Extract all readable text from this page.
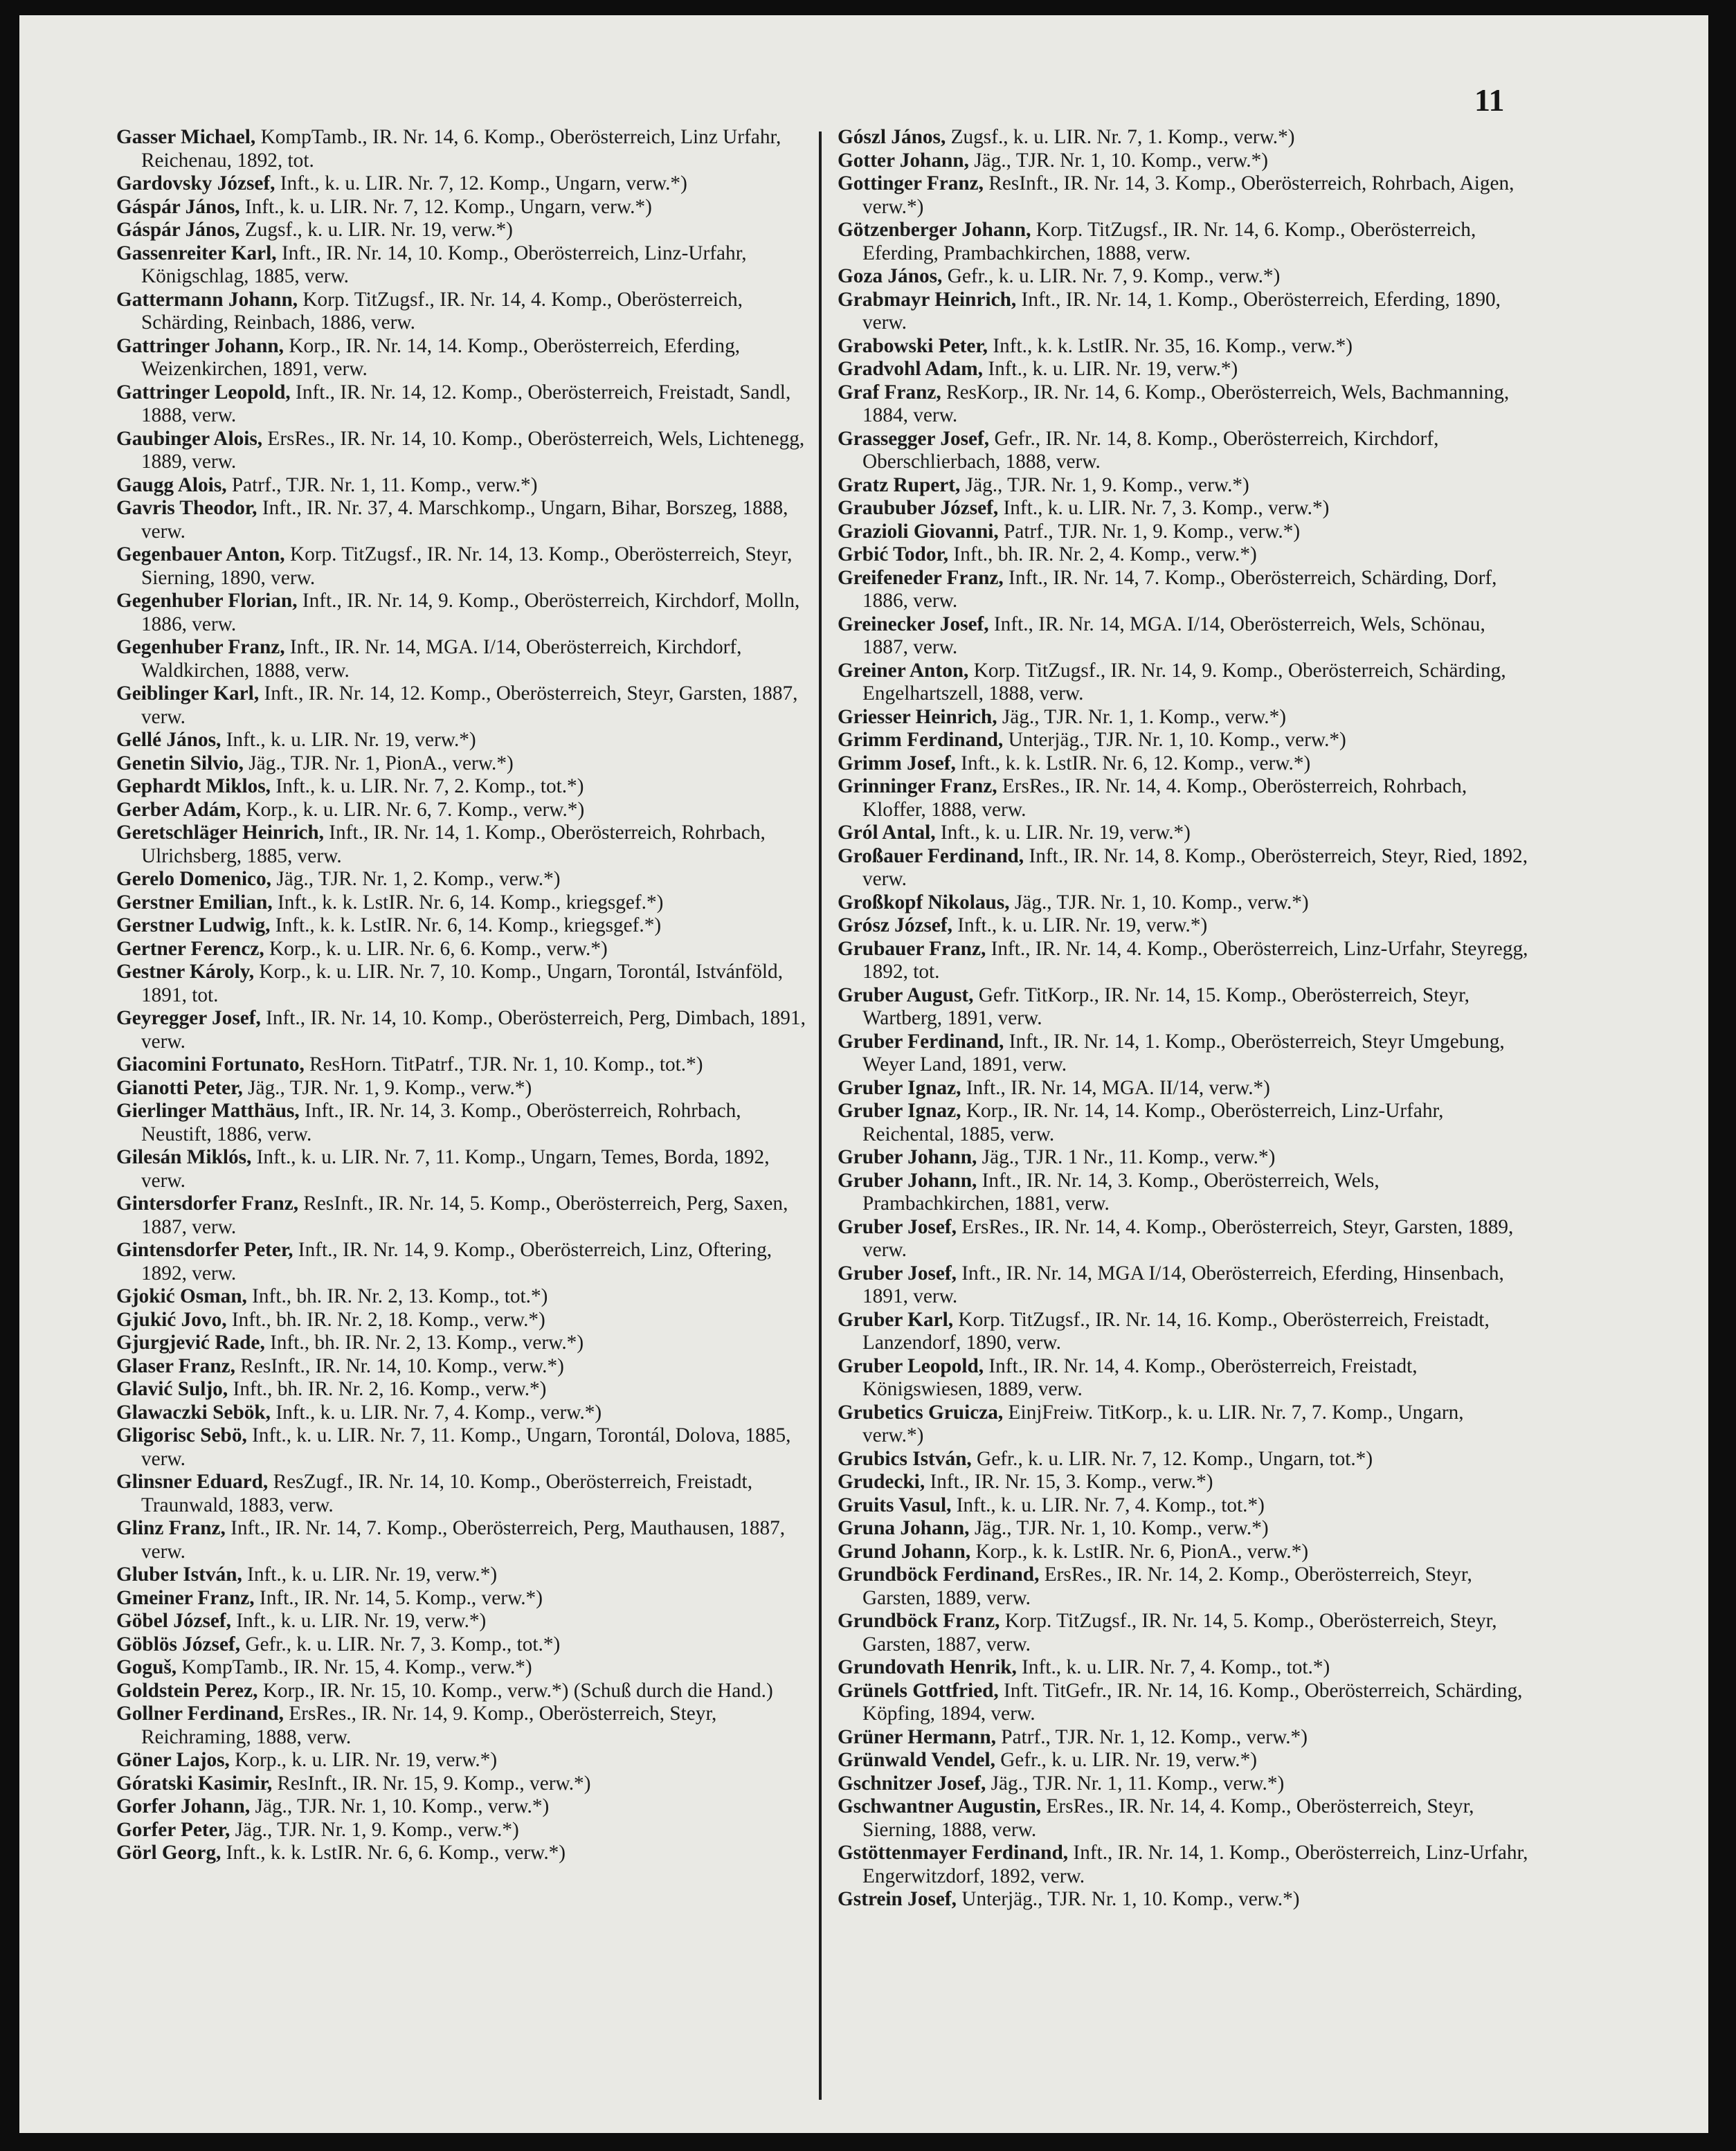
11

Gasser Michael, KompTamb., IR. Nr. 14, 6. Komp., Oberösterreich, Linz Urfahr, Reichenau, 1892, tot.

Gardovsky József, Inft., k. u. LIR. Nr. 7, 12. Komp., Ungarn, verw.*)

Gáspár János, Inft., k. u. LIR. Nr. 7, 12. Komp., Ungarn, verw.*)

Gáspár János, Zugsf., k. u. LIR. Nr. 19, verw.*)

Gassenreiter Karl, Inft., IR. Nr. 14, 10. Komp., Oberösterreich, Linz-Urfahr, Königschlag, 1885, verw.

Gattermann Johann, Korp. TitZugsf., IR. Nr. 14, 4. Komp., Oberösterreich, Schärding, Reinbach, 1886, verw.

Gattringer Johann, Korp., IR. Nr. 14, 14. Komp., Oberösterreich, Eferding, Weizenkirchen, 1891, verw.

Gattringer Leopold, Inft., IR. Nr. 14, 12. Komp., Oberösterreich, Freistadt, Sandl, 1888, verw.

Gaubinger Alois, ErsRes., IR. Nr. 14, 10. Komp., Oberösterreich, Wels, Lichtenegg, 1889, verw.

Gaugg Alois, Patrf., TJR. Nr. 1, 11. Komp., verw.*)

Gavris Theodor, Inft., IR. Nr. 37, 4. Marschkomp., Ungarn, Bihar, Borszeg, 1888, verw.

Gegenbauer Anton, Korp. TitZugsf., IR. Nr. 14, 13. Komp., Oberösterreich, Steyr, Sierning, 1890, verw.

Gegenhuber Florian, Inft., IR. Nr. 14, 9. Komp., Oberösterreich, Kirchdorf, Molln, 1886, verw.

Gegenhuber Franz, Inft., IR. Nr. 14, MGA. I/14, Oberösterreich, Kirchdorf, Waldkirchen, 1888, verw.

Geiblinger Karl, Inft., IR. Nr. 14, 12. Komp., Oberösterreich, Steyr, Garsten, 1887, verw.

Gellé János, Inft., k. u. LIR. Nr. 19, verw.*)

Genetin Silvio, Jäg., TJR. Nr. 1, PionA., verw.*)

Gephardt Miklos, Inft., k. u. LIR. Nr. 7, 2. Komp., tot.*)

Gerber Adám, Korp., k. u. LIR. Nr. 6, 7. Komp., verw.*)

Geretschläger Heinrich, Inft., IR. Nr. 14, 1. Komp., Oberösterreich, Rohrbach, Ulrichsberg, 1885, verw.

Gerelo Domenico, Jäg., TJR. Nr. 1, 2. Komp., verw.*)

Gerstner Emilian, Inft., k. k. LstIR. Nr. 6, 14. Komp., kriegsgef.*)

Gerstner Ludwig, Inft., k. k. LstIR. Nr. 6, 14. Komp., kriegsgef.*)

Gertner Ferencz, Korp., k. u. LIR. Nr. 6, 6. Komp., verw.*)

Gestner Károly, Korp., k. u. LIR. Nr. 7, 10. Komp., Ungarn, Torontál, Istvánföld, 1891, tot.

Geyregger Josef, Inft., IR. Nr. 14, 10. Komp., Oberösterreich, Perg, Dimbach, 1891, verw.

Giacomini Fortunato, ResHorn. TitPatrf., TJR. Nr. 1, 10. Komp., tot.*)

Gianotti Peter, Jäg., TJR. Nr. 1, 9. Komp., verw.*)

Gierlinger Matthäus, Inft., IR. Nr. 14, 3. Komp., Oberösterreich, Rohrbach, Neustift, 1886, verw.

Gilesán Miklós, Inft., k. u. LIR. Nr. 7, 11. Komp., Ungarn, Temes, Borda, 1892, verw.

Gintersdorfer Franz, ResInft., IR. Nr. 14, 5. Komp., Oberösterreich, Perg, Saxen, 1887, verw.

Gintensdorfer Peter, Inft., IR. Nr. 14, 9. Komp., Oberösterreich, Linz, Oftering, 1892, verw.

Gjokić Osman, Inft., bh. IR. Nr. 2, 13. Komp., tot.*)

Gjukić Jovo, Inft., bh. IR. Nr. 2, 18. Komp., verw.*)

Gjurgjević Rade, Inft., bh. IR. Nr. 2, 13. Komp., verw.*)

Glaser Franz, ResInft., IR. Nr. 14, 10. Komp., verw.*)

Glavić Suljo, Inft., bh. IR. Nr. 2, 16. Komp., verw.*)

Glawaczki Sebök, Inft., k. u. LIR. Nr. 7, 4. Komp., verw.*)

Gligorisc Sebö, Inft., k. u. LIR. Nr. 7, 11. Komp., Ungarn, Torontál, Dolova, 1885, verw.

Glinsner Eduard, ResZugf., IR. Nr. 14, 10. Komp., Oberösterreich, Freistadt, Traunwald, 1883, verw.

Glinz Franz, Inft., IR. Nr. 14, 7. Komp., Oberösterreich, Perg, Mauthausen, 1887, verw.

Gluber István, Inft., k. u. LIR. Nr. 19, verw.*)

Gmeiner Franz, Inft., IR. Nr. 14, 5. Komp., verw.*)

Göbel József, Inft., k. u. LIR. Nr. 19, verw.*)

Göblös József, Gefr., k. u. LIR. Nr. 7, 3. Komp., tot.*)

Goguš, KompTamb., IR. Nr. 15, 4. Komp., verw.*)

Goldstein Perez, Korp., IR. Nr. 15, 10. Komp., verw.*) (Schuß durch die Hand.)

Gollner Ferdinand, ErsRes., IR. Nr. 14, 9. Komp., Oberösterreich, Steyr, Reichraming, 1888, verw.

Göner Lajos, Korp., k. u. LIR. Nr. 19, verw.*)

Góratski Kasimir, ResInft., IR. Nr. 15, 9. Komp., verw.*)

Gorfer Johann, Jäg., TJR. Nr. 1, 10. Komp., verw.*)

Gorfer Peter, Jäg., TJR. Nr. 1, 9. Komp., verw.*)

Görl Georg, Inft., k. k. LstIR. Nr. 6, 6. Komp., verw.*)

Gószl János, Zugsf., k. u. LIR. Nr. 7, 1. Komp., verw.*)

Gotter Johann, Jäg., TJR. Nr. 1, 10. Komp., verw.*)

Gottinger Franz, ResInft., IR. Nr. 14, 3. Komp., Oberösterreich, Rohrbach, Aigen, verw.*)

Götzenberger Johann, Korp. TitZugsf., IR. Nr. 14, 6. Komp., Oberösterreich, Eferding, Prambachkirchen, 1888, verw.

Goza János, Gefr., k. u. LIR. Nr. 7, 9. Komp., verw.*)

Grabmayr Heinrich, Inft., IR. Nr. 14, 1. Komp., Oberösterreich, Eferding, 1890, verw.

Grabowski Peter, Inft., k. k. LstIR. Nr. 35, 16. Komp., verw.*)

Gradvohl Adam, Inft., k. u. LIR. Nr. 19, verw.*)

Graf Franz, ResKorp., IR. Nr. 14, 6. Komp., Oberösterreich, Wels, Bachmanning, 1884, verw.

Grassegger Josef, Gefr., IR. Nr. 14, 8. Komp., Oberösterreich, Kirchdorf, Oberschlierbach, 1888, verw.

Gratz Rupert, Jäg., TJR. Nr. 1, 9. Komp., verw.*)

Graububer József, Inft., k. u. LIR. Nr. 7, 3. Komp., verw.*)

Grazioli Giovanni, Patrf., TJR. Nr. 1, 9. Komp., verw.*)

Grbić Todor, Inft., bh. IR. Nr. 2, 4. Komp., verw.*)

Greifeneder Franz, Inft., IR. Nr. 14, 7. Komp., Oberösterreich, Schärding, Dorf, 1886, verw.

Greinecker Josef, Inft., IR. Nr. 14, MGA. I/14, Oberösterreich, Wels, Schönau, 1887, verw.

Greiner Anton, Korp. TitZugsf., IR. Nr. 14, 9. Komp., Oberösterreich, Schärding, Engelhartszell, 1888, verw.

Griesser Heinrich, Jäg., TJR. Nr. 1, 1. Komp., verw.*)

Grimm Ferdinand, Unterjäg., TJR. Nr. 1, 10. Komp., verw.*)

Grimm Josef, Inft., k. k. LstIR. Nr. 6, 12. Komp., verw.*)

Grinninger Franz, ErsRes., IR. Nr. 14, 4. Komp., Oberösterreich, Rohrbach, Kloffer, 1888, verw.

Gról Antal, Inft., k. u. LIR. Nr. 19, verw.*)

Großauer Ferdinand, Inft., IR. Nr. 14, 8. Komp., Oberösterreich, Steyr, Ried, 1892, verw.

Großkopf Nikolaus, Jäg., TJR. Nr. 1, 10. Komp., verw.*)

Grósz József, Inft., k. u. LIR. Nr. 19, verw.*)

Grubauer Franz, Inft., IR. Nr. 14, 4. Komp., Oberösterreich, Linz-Urfahr, Steyregg, 1892, tot.

Gruber August, Gefr. TitKorp., IR. Nr. 14, 15. Komp., Oberösterreich, Steyr, Wartberg, 1891, verw.

Gruber Ferdinand, Inft., IR. Nr. 14, 1. Komp., Oberösterreich, Steyr Umgebung, Weyer Land, 1891, verw.

Gruber Ignaz, Inft., IR. Nr. 14, MGA. II/14, verw.*)

Gruber Ignaz, Korp., IR. Nr. 14, 14. Komp., Oberösterreich, Linz-Urfahr, Reichental, 1885, verw.

Gruber Johann, Jäg., TJR. 1 Nr., 11. Komp., verw.*)

Gruber Johann, Inft., IR. Nr. 14, 3. Komp., Oberösterreich, Wels, Prambachkirchen, 1881, verw.

Gruber Josef, ErsRes., IR. Nr. 14, 4. Komp., Oberösterreich, Steyr, Garsten, 1889, verw.

Gruber Josef, Inft., IR. Nr. 14, MGA I/14, Oberösterreich, Eferding, Hinsenbach, 1891, verw.

Gruber Karl, Korp. TitZugsf., IR. Nr. 14, 16. Komp., Oberösterreich, Freistadt, Lanzendorf, 1890, verw.

Gruber Leopold, Inft., IR. Nr. 14, 4. Komp., Oberösterreich, Freistadt, Königswiesen, 1889, verw.

Grubetics Gruicza, EinjFreiw. TitKorp., k. u. LIR. Nr. 7, 7. Komp., Ungarn, verw.*)

Grubics István, Gefr., k. u. LIR. Nr. 7, 12. Komp., Ungarn, tot.*)

Grudecki, Inft., IR. Nr. 15, 3. Komp., verw.*)

Gruits Vasul, Inft., k. u. LIR. Nr. 7, 4. Komp., tot.*)

Gruna Johann, Jäg., TJR. Nr. 1, 10. Komp., verw.*)

Grund Johann, Korp., k. k. LstIR. Nr. 6, PionA., verw.*)

Grundböck Ferdinand, ErsRes., IR. Nr. 14, 2. Komp., Oberösterreich, Steyr, Garsten, 1889, verw.

Grundböck Franz, Korp. TitZugsf., IR. Nr. 14, 5. Komp., Oberösterreich, Steyr, Garsten, 1887, verw.

Grundovath Henrik, Inft., k. u. LIR. Nr. 7, 4. Komp., tot.*)

Grünels Gottfried, Inft. TitGefr., IR. Nr. 14, 16. Komp., Oberösterreich, Schärding, Köpfing, 1894, verw.

Grüner Hermann, Patrf., TJR. Nr. 1, 12. Komp., verw.*)

Grünwald Vendel, Gefr., k. u. LIR. Nr. 19, verw.*)

Gschnitzer Josef, Jäg., TJR. Nr. 1, 11. Komp., verw.*)

Gschwantner Augustin, ErsRes., IR. Nr. 14, 4. Komp., Oberösterreich, Steyr, Sierning, 1888, verw.

Gstöttenmayer Ferdinand, Inft., IR. Nr. 14, 1. Komp., Oberösterreich, Linz-Urfahr, Engerwitzdorf, 1892, verw.

Gstrein Josef, Unterjäg., TJR. Nr. 1, 10. Komp., verw.*)
